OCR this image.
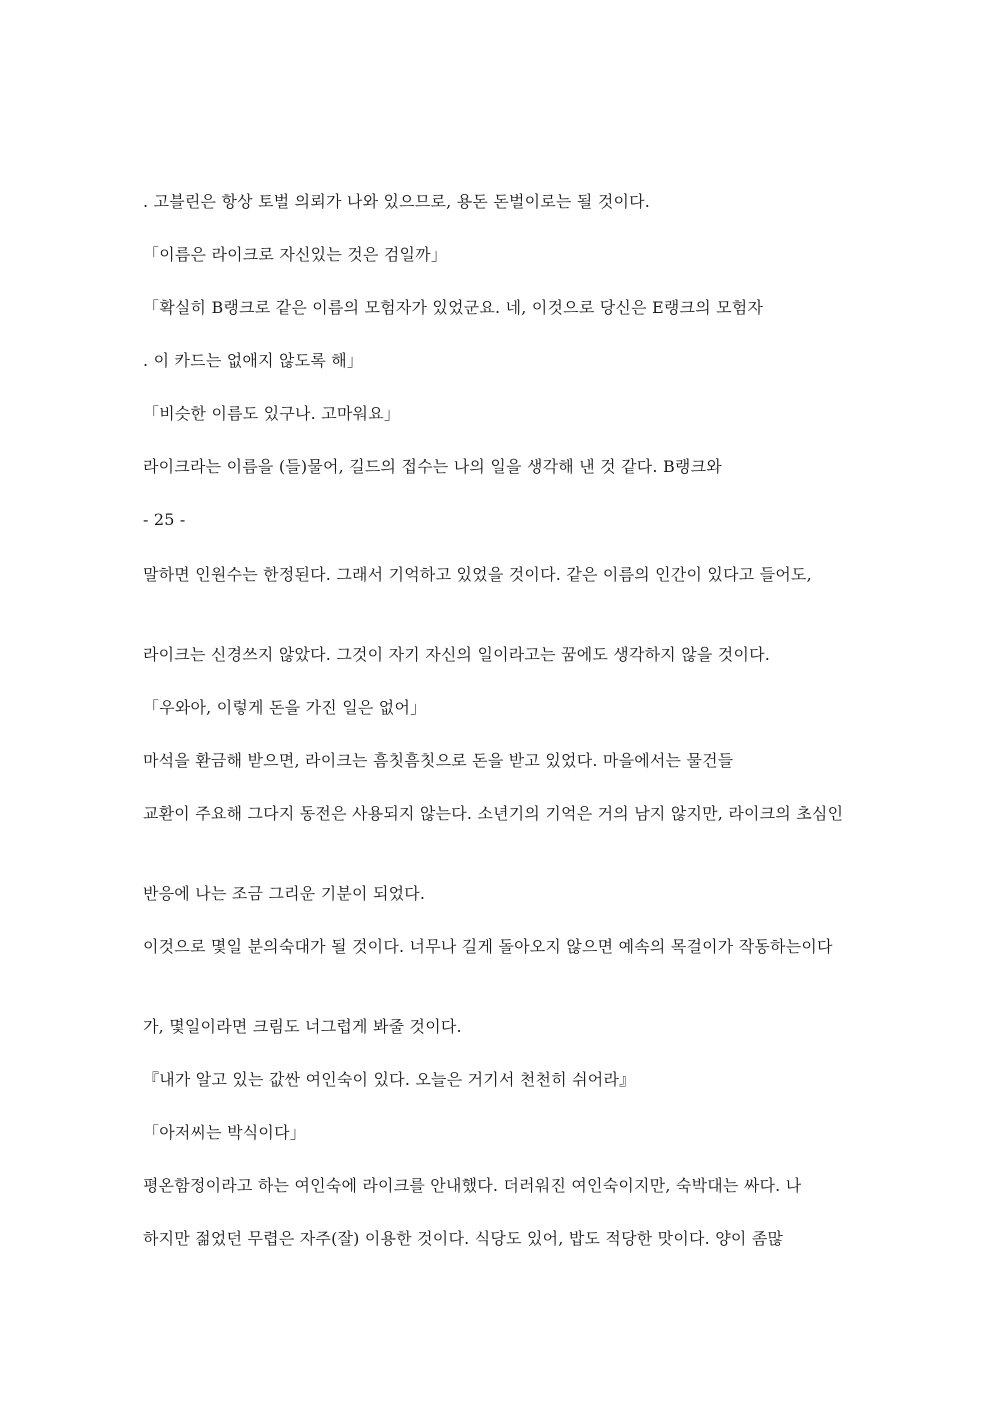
. 고블린은 항상 토벌 의뢰가 나와 있으므로, 용돈 돈벌이로는 될 것이다.

「이름은 라이크로 자신있는 것은 검일까」

「확실히 B랭크로 같은 이름의 모험자가 있었군요. 네, 이것으로 당신은 E랭크의 모험자

. 이 카드는 없애지 않도록 해」

「비슷한 이름도 있구나. 고마워요」

라이크라는 이름을 (들)물어, 길드의 접수는 나의 일을 생각해 낸 것 같다. B랭크와

- 25 -

말하면 인원수는 한정된다. 그래서 기억하고 있었을 것이다. 같은 이름의 인간이 있다고 들어도,

라이크는 신경쓰지 않았다. 그것이 자기 자신의 일이라고는 꿈에도 생각하지 않을 것이다.

「우와아, 이렇게 돈을 가진 일은 없어」

마석을 환금해 받으면, 라이크는 흠칫흠칫으로 돈을 받고 있었다. 마을에서는 물건들

교환이 주요해 그다지 동전은 사용되지 않는다. 소년기의 기억은 거의 남지 않지만, 라이크의 초심인

반응에 나는 조금 그리운 기분이 되었다.

이것으로 몇일 분의숙대가 될 것이다. 너무나 길게 돌아오지 않으면 예속의 목걸이가 작동하는이다

가, 몇일이라면 크림도 너그럽게 봐줄 것이다.

『내가 알고 있는 값싼 여인숙이 있다. 오늘은 거기서 천천히 쉬어라』

「아저씨는 박식이다」

평온함정이라고 하는 여인숙에 라이크를 안내했다. 더러워진 여인숙이지만, 숙박대는 싸다. 나

하지만 젊었던 무렵은 자주(잘) 이용한 것이다. 식당도 있어, 밥도 적당한 맛이다. 양이 좀많
